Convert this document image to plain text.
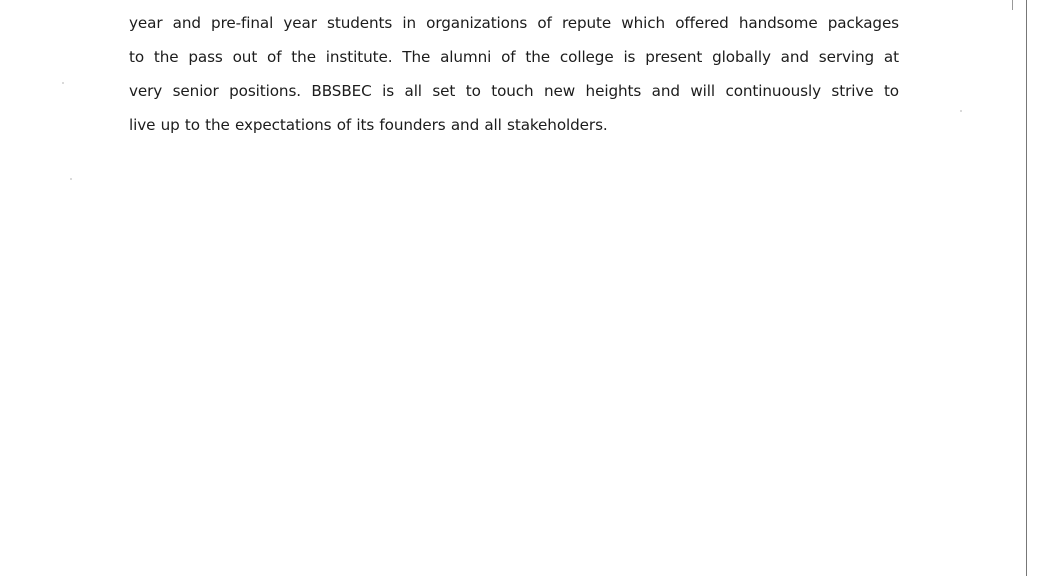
year and pre-final year students in organizations of repute which offered handsome packages
to the pass out of the institute. The alumni of the college is present globally and serving at
very senior positions. BBSBEC is all set to touch new heights and will continuously strive to
live up to the expectations of its founders and all stakeholders.
